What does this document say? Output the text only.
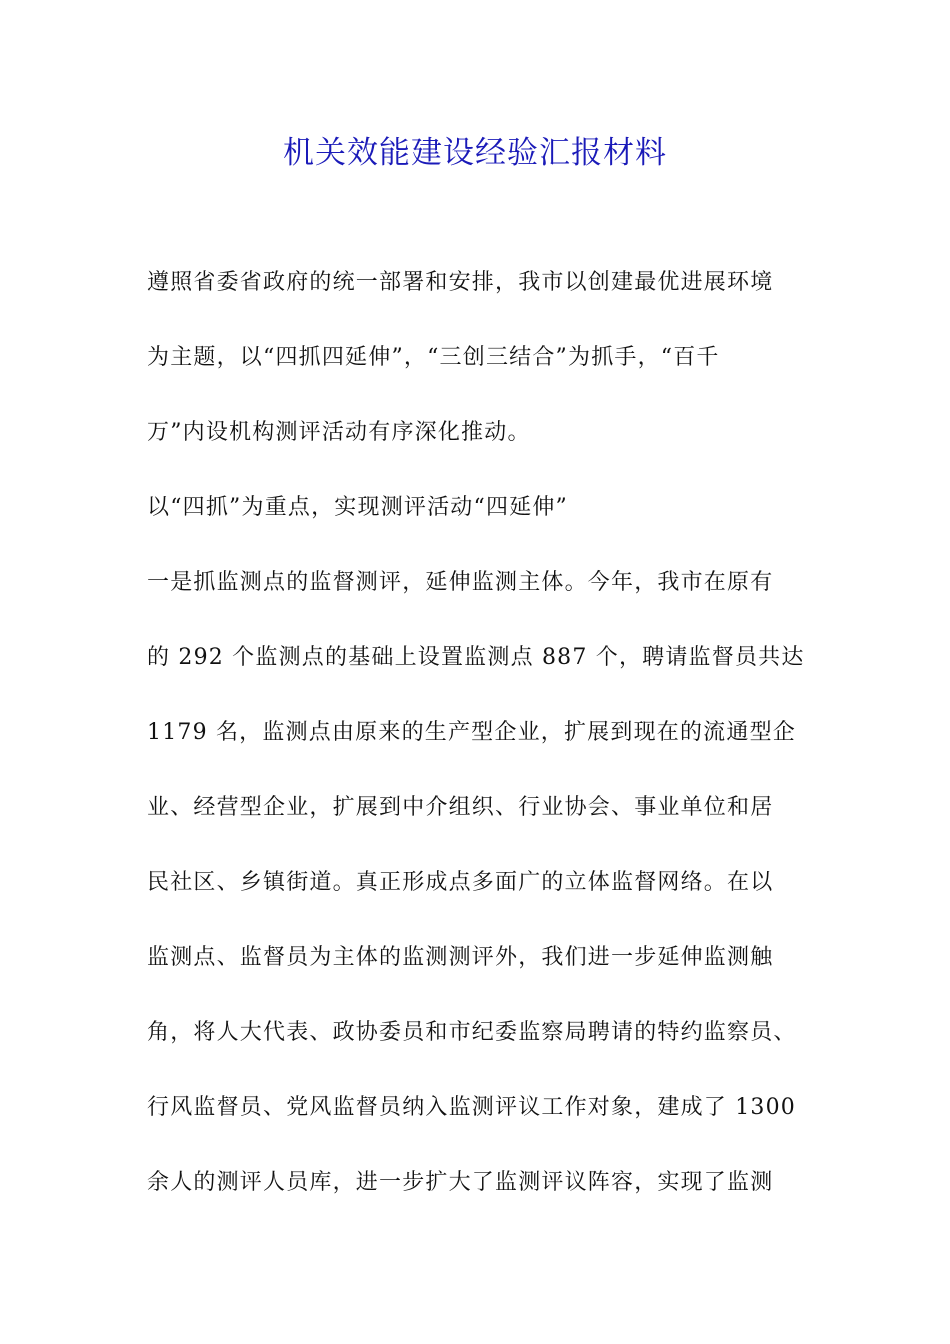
机关效能建设经验汇报材料
遵照省委省政府的统一部署和安排，我市以创建最优进展环境
为主题，以“四抓四延伸”，“三创三结合”为抓手，“百千
万”内设机构测评活动有序深化推动。
以“四抓”为重点，实现测评活动“四延伸”
一是抓监测点的监督测评，延伸监测主体。今年，我市在原有
的 292 个监测点的基础上设置监测点 887 个，聘请监督员共达
1179 名，监测点由原来的生产型企业，扩展到现在的流通型企
业、经营型企业，扩展到中介组织、行业协会、事业单位和居
民社区、乡镇街道。真正形成点多面广的立体监督网络。在以
监测点、监督员为主体的监测测评外，我们进一步延伸监测触
角，将人大代表、政协委员和市纪委监察局聘请的特约监察员、
行风监督员、党风监督员纳入监测评议工作对象，建成了 1300
余人的测评人员库，进一步扩大了监测评议阵容，实现了监测
